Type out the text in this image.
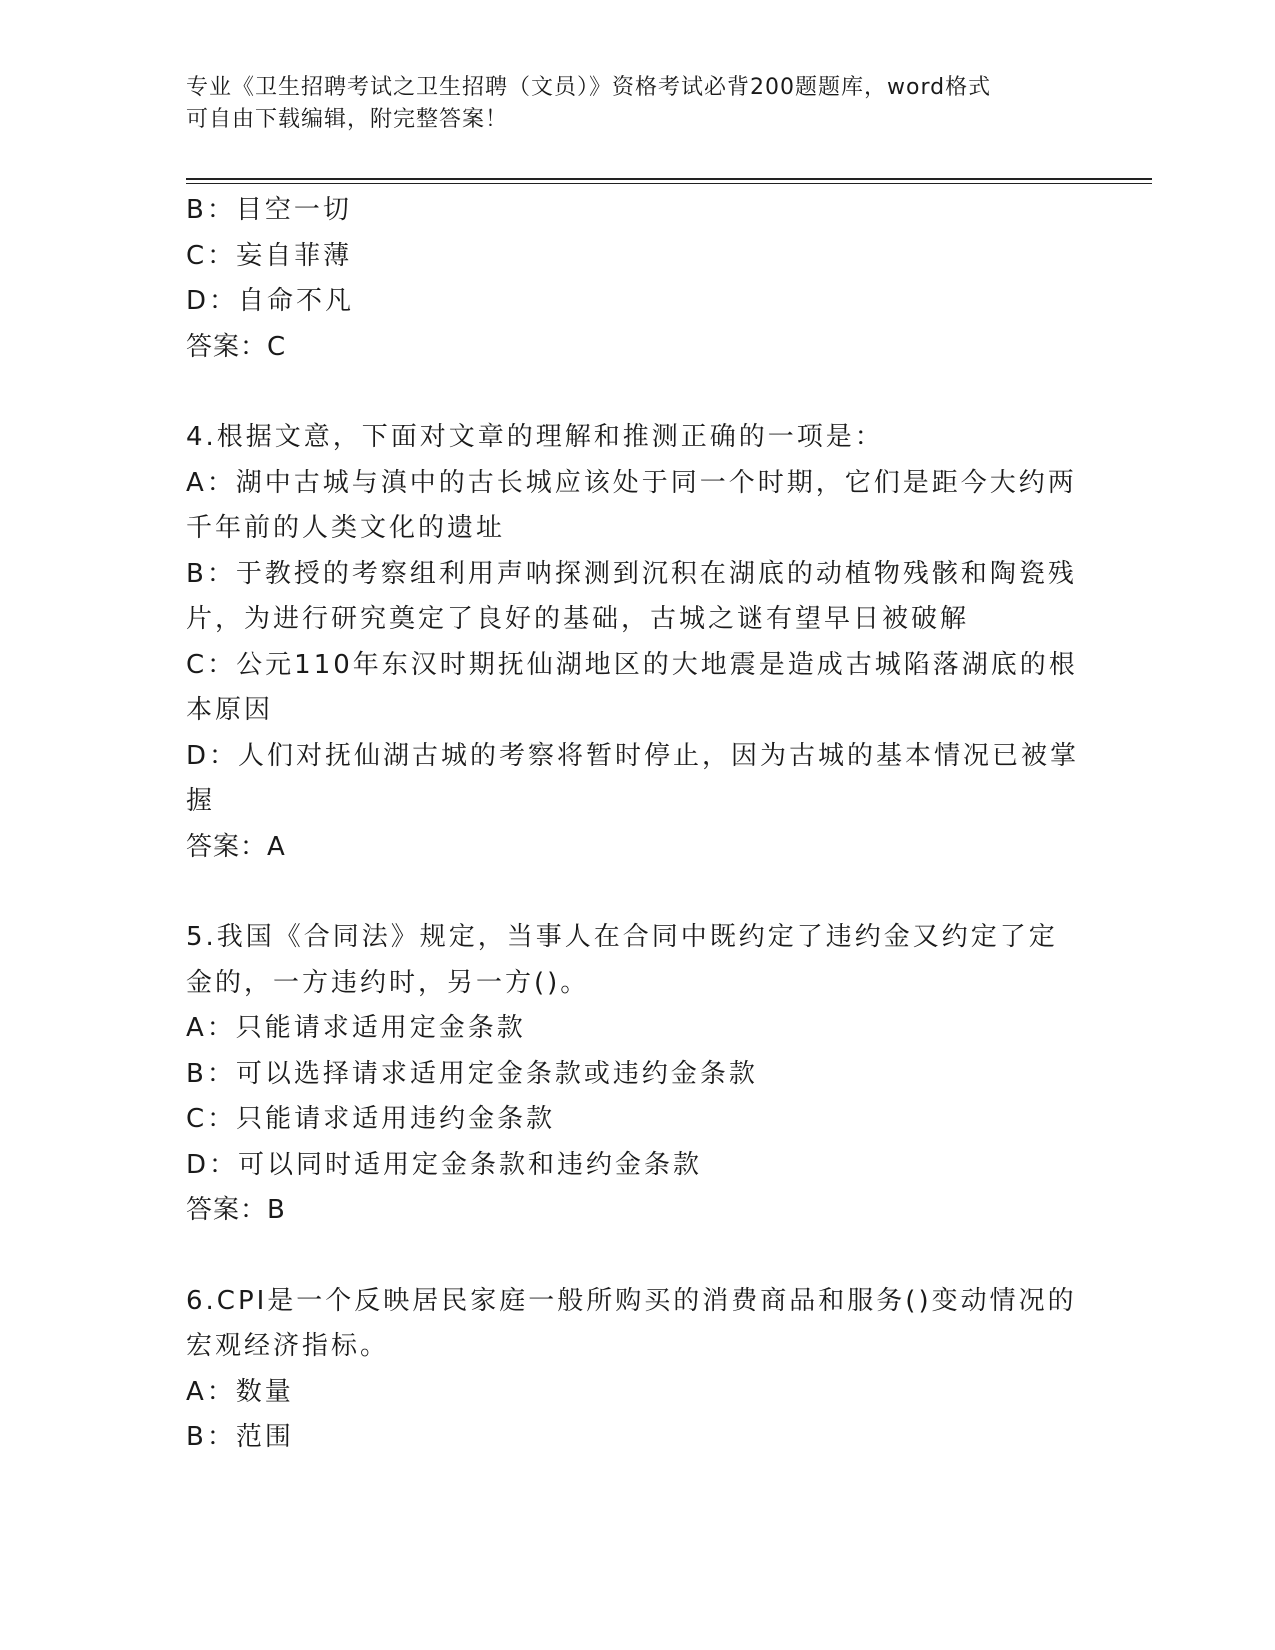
专业《卫生招聘考试之卫生招聘（文员）》资格考试必背200题题库，word格式
可自由下载编辑，附完整答案！
B：目空一切
C：妄自菲薄
D：自命不凡
答案：C
4.根据文意，下面对文章的理解和推测正确的一项是：
A：湖中古城与滇中的古长城应该处于同一个时期，它们是距今大约两
千年前的人类文化的遗址
B：于教授的考察组利用声呐探测到沉积在湖底的动植物残骸和陶瓷残
片，为进行研究奠定了良好的基础，古城之谜有望早日被破解
C：公元110年东汉时期抚仙湖地区的大地震是造成古城陷落湖底的根
本原因
D：人们对抚仙湖古城的考察将暂时停止，因为古城的基本情况已被掌
握
答案：A
5.我国《合同法》规定，当事人在合同中既约定了违约金又约定了定
金的，一方违约时，另一方()。
A：只能请求适用定金条款
B：可以选择请求适用定金条款或违约金条款
C：只能请求适用违约金条款
D：可以同时适用定金条款和违约金条款
答案：B
6.CPI是一个反映居民家庭一般所购买的消费商品和服务()变动情况的
宏观经济指标。
A：数量
B：范围
